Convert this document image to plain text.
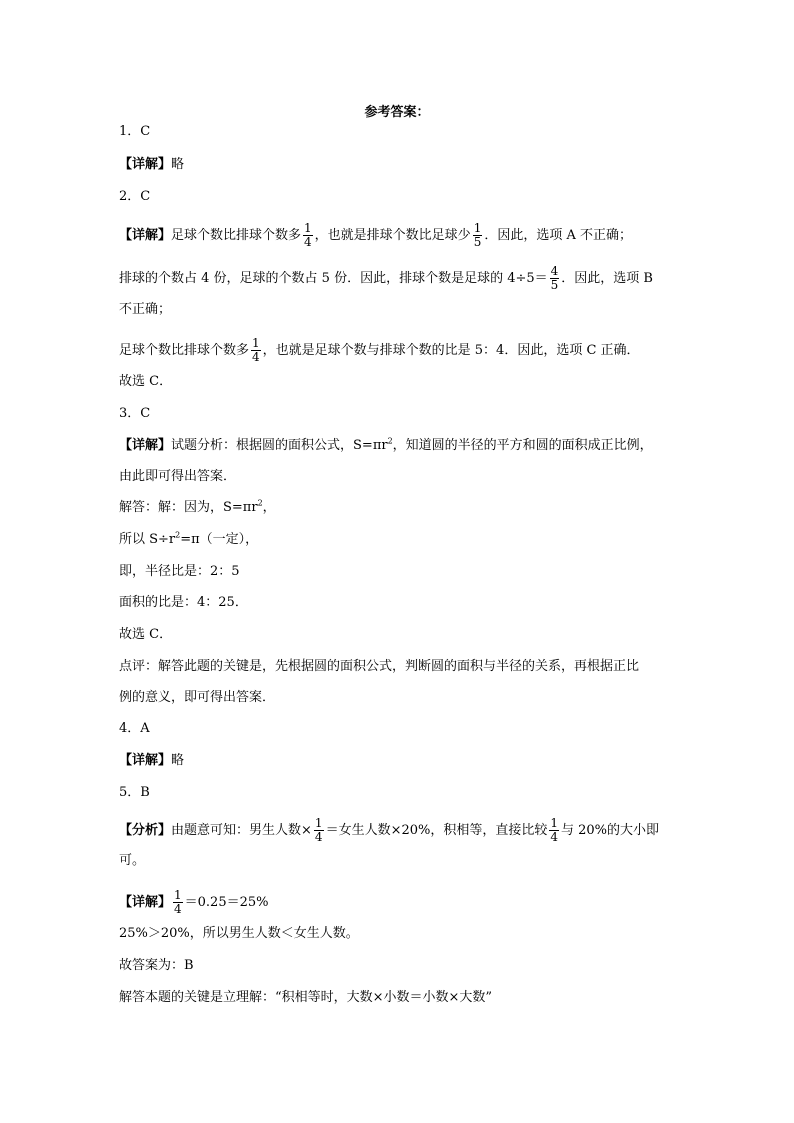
参考答案：
1．C
【详解】略
2．C
【详解】足球个数比排球个数多 $\frac{1}{4}$ ，也就是排球个数比足球少 $\frac{1}{5}$ ．因此，选项 A 不正确；
排球的个数占 4 份，足球的个数占 5 份．因此，排球个数是足球的 $4\div 5= \frac{4}{5}$ ．因此，选项 B
不正确；
足球个数比排球个数多 $\frac{1}{4}$ ，也就是足球个数与排球个数的比是 5：4．因此，选项 C 正确．
故选 C．
3．C
【详解】试题分析：根据圆的面积公式，$S=\pi r^2$，知道圆的半径的平方和圆的面积成正比例，
由此即可得出答案．
解答：解：因为，$S=\pi r^2$，
所以 $S\div r^2=\pi$（一定），
即，半径比是：2：5
面积的比是：4：25．
故选 C．
点评：解答此题的关键是，先根据圆的面积公式，判断圆的面积与半径的关系，再根据正比
例的意义，即可得出答案．
4．A
【详解】略
5．B
【分析】由题意可知：男生人数× $\frac{1}{4}$ ＝女生人数×20%，积相等，直接比较 $\frac{1}{4}$ 与 20%的大小即
可。
【详解】 $\frac{1}{4} =0.25=25\%$
25%＞20%，所以男生人数＜女生人数。
故答案为：B
解答本题的关键是立理解：“积相等时，大数×小数＝小数×大数”
